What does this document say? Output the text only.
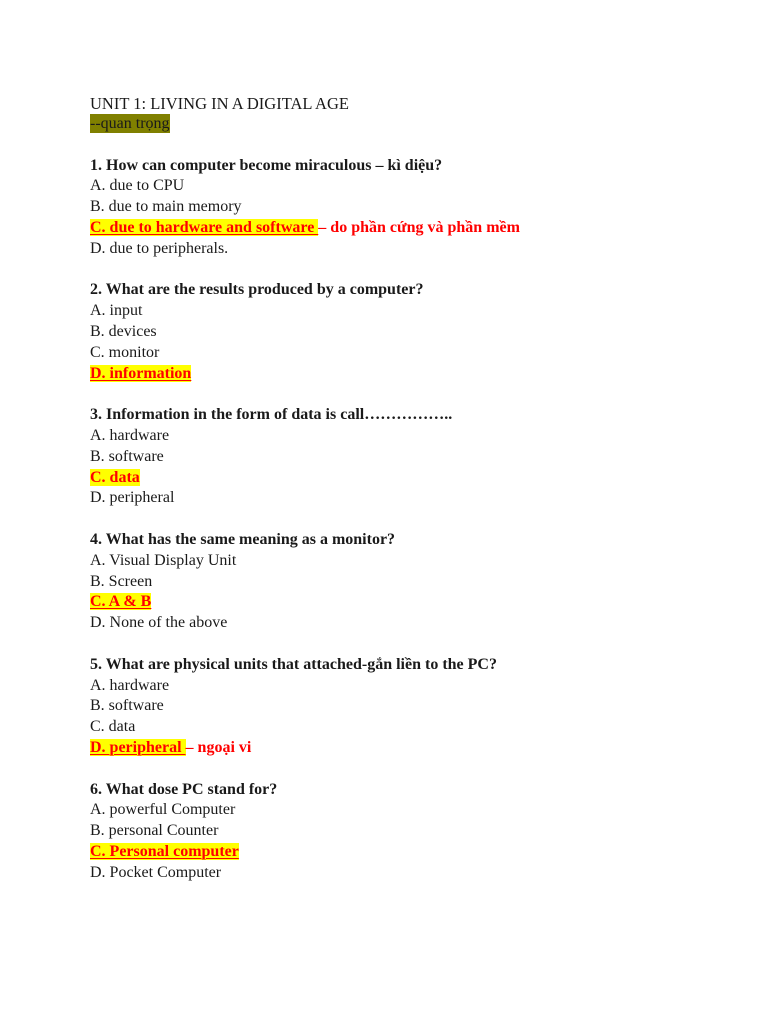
UNIT 1: LIVING IN A DIGITAL AGE
--quan trọng
1. How can computer become miraculous – kì diệu?
A. due to CPU
B. due to main memory
C. due to hardware and software – do phần cứng và phần mềm
D. due to peripherals.
2. What are the results produced by a computer?
A. input
B. devices
C. monitor
D. information
3. Information in the form of data is call……………..
A. hardware
B. software
C. data
D. peripheral
4. What has the same meaning as a monitor?
A. Visual Display Unit
B. Screen
C. A & B
D. None of the above
5. What are physical units that attached-gắn liền to the PC?
A. hardware
B. software
C. data
D. peripheral – ngoại vi
6. What dose PC stand for?
A. powerful Computer
B. personal Counter
C. Personal computer
D. Pocket Computer
